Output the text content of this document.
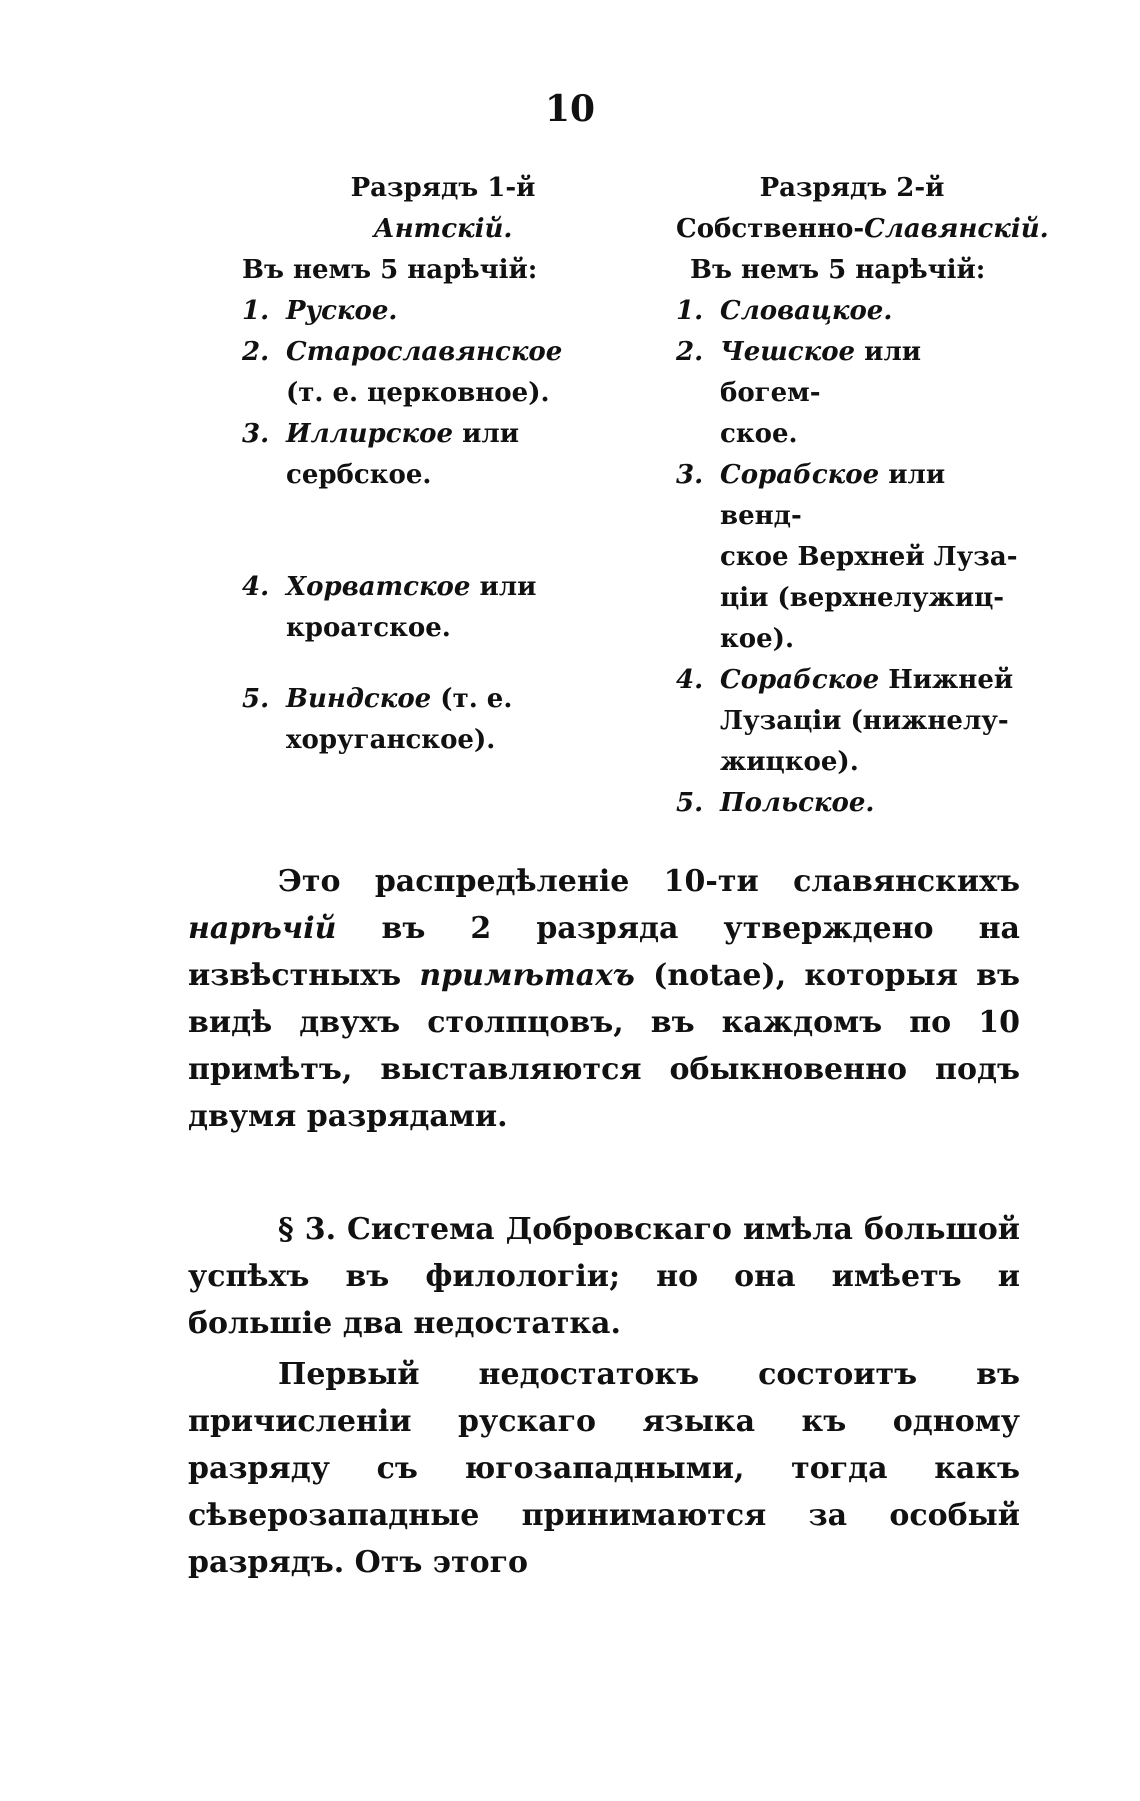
10
Разрядъ 1-й
Антскій.
Въ немъ 5 нарѣчій:
1. Руское.
2. Старославянское
(т. е. церковное).
3. Иллирское или
сербское.
4. Хорватское или
кроатское.
5. Виндское (т. е.
хоруганское).
Разрядъ 2-й
Собственно-Славянскій.
Въ немъ 5 нарѣчій:
1. Словацкое.
2. Чешское или богем-
ское.
3. Сорабское или венд-
ское Верхней Луза-
ціи (верхнелужиц-
кое).
4. Сорабское Нижней
Лузаціи (нижнелу-
жицкое).
5. Польское.

Это распредѣленіе 10-ти славянскихъ нарѣчій въ 2 разряда утверждено на извѣстныхъ примѣтахъ (notae), которыя въ видѣ двухъ столпцовъ, въ каждомъ по 10 примѣтъ, выставляются обыкновенно подъ двумя разрядами.

§ 3. Система Добровскаго имѣла большой успѣхъ въ филологіи; но она имѣетъ и большіе два недостатка.

Первый недостатокъ состоитъ въ причисленіи рускаго языка къ одному разряду съ югозападными, тогда какъ сѣверозападные принимаются за особый разрядъ. Отъ этого
